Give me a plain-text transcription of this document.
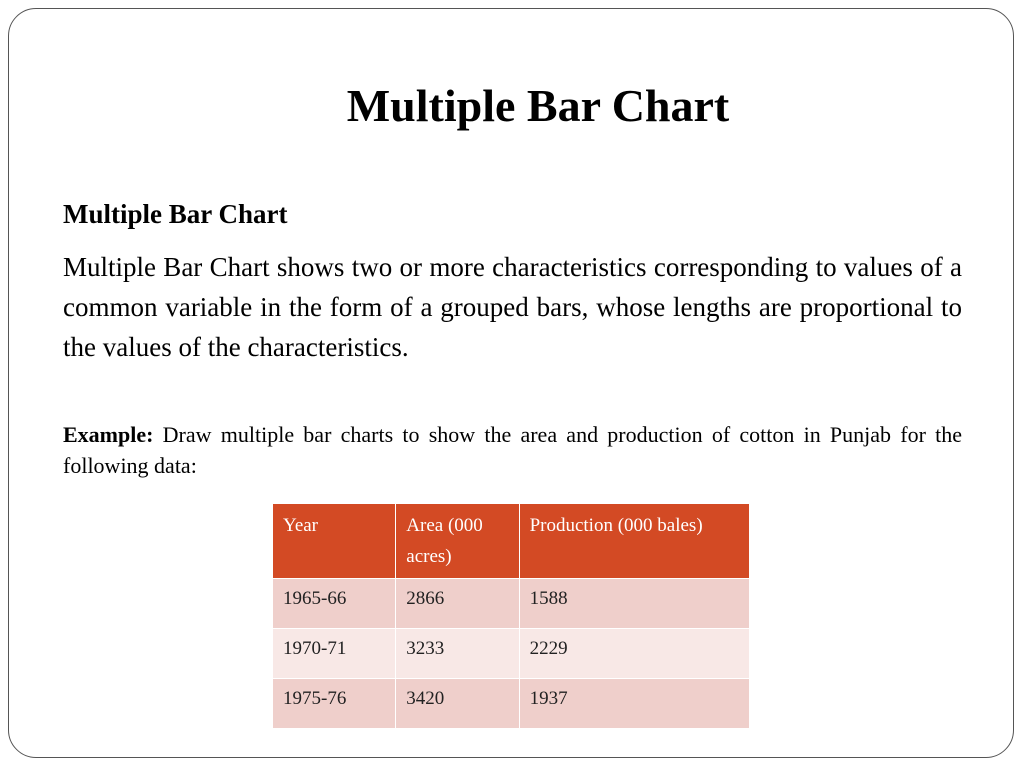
Multiple Bar Chart
Multiple Bar Chart

Multiple Bar Chart shows two or more characteristics corresponding to values of a common variable in the form of a grouped bars, whose lengths are proportional to the values of the characteristics.

Example: Draw multiple bar charts to show the area and production of cotton in Punjab for the following data:

Year	Area (000 acres)	Production (000 bales)
1965-66	2866	1588
1970-71	3233	2229
1975-76	3420	1937
